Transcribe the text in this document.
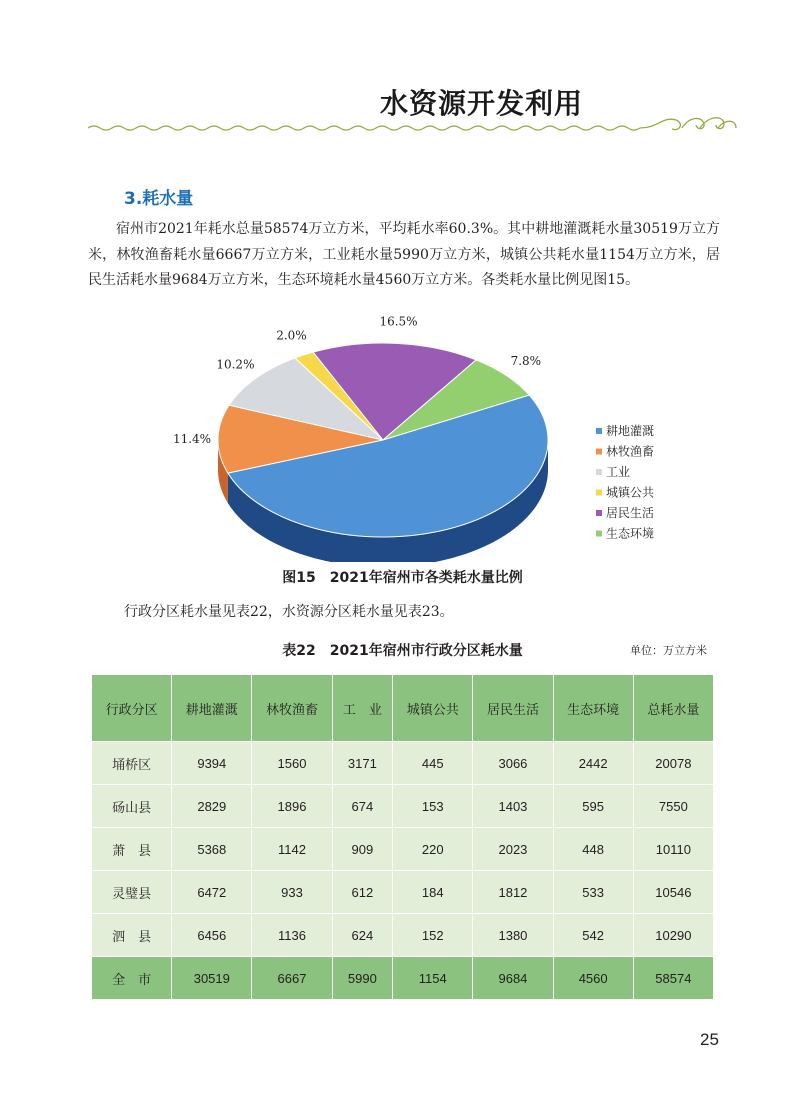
水资源开发利用
3.耗水量
宿州市2021年耗水总量58574万立方米，平均耗水率60.3%。其中耕地灌溉耗水量30519万立方米，林牧渔畜耗水量6667万立方米，工业耗水量5990万立方米，城镇公共耗水量1154万立方米，居民生活耗水量9684万立方米，生态环境耗水量4560万立方米。各类耗水量比例见图15。
11.4%
10.2%
2.0%
16.5%
7.8%
耕地灌溉
林牧渔畜
工业
城镇公共
居民生活
生态环境
图15　2021年宿州市各类耗水量比例
行政分区耗水量见表22，水资源分区耗水量见表23。
表22　2021年宿州市行政分区耗水量	单位：万立方米
行政分区	耕地灌溉	林牧渔畜	工　业	城镇公共	居民生活	生态环境	总耗水量
埇桥区	9394	1560	3171	445	3066	2442	20078
砀山县	2829	1896	674	153	1403	595	7550
萧　县	5368	1142	909	220	2023	448	10110
灵璧县	6472	933	612	184	1812	533	10546
泗　县	6456	1136	624	152	1380	542	10290
全　市	30519	6667	5990	1154	9684	4560	58574
25
